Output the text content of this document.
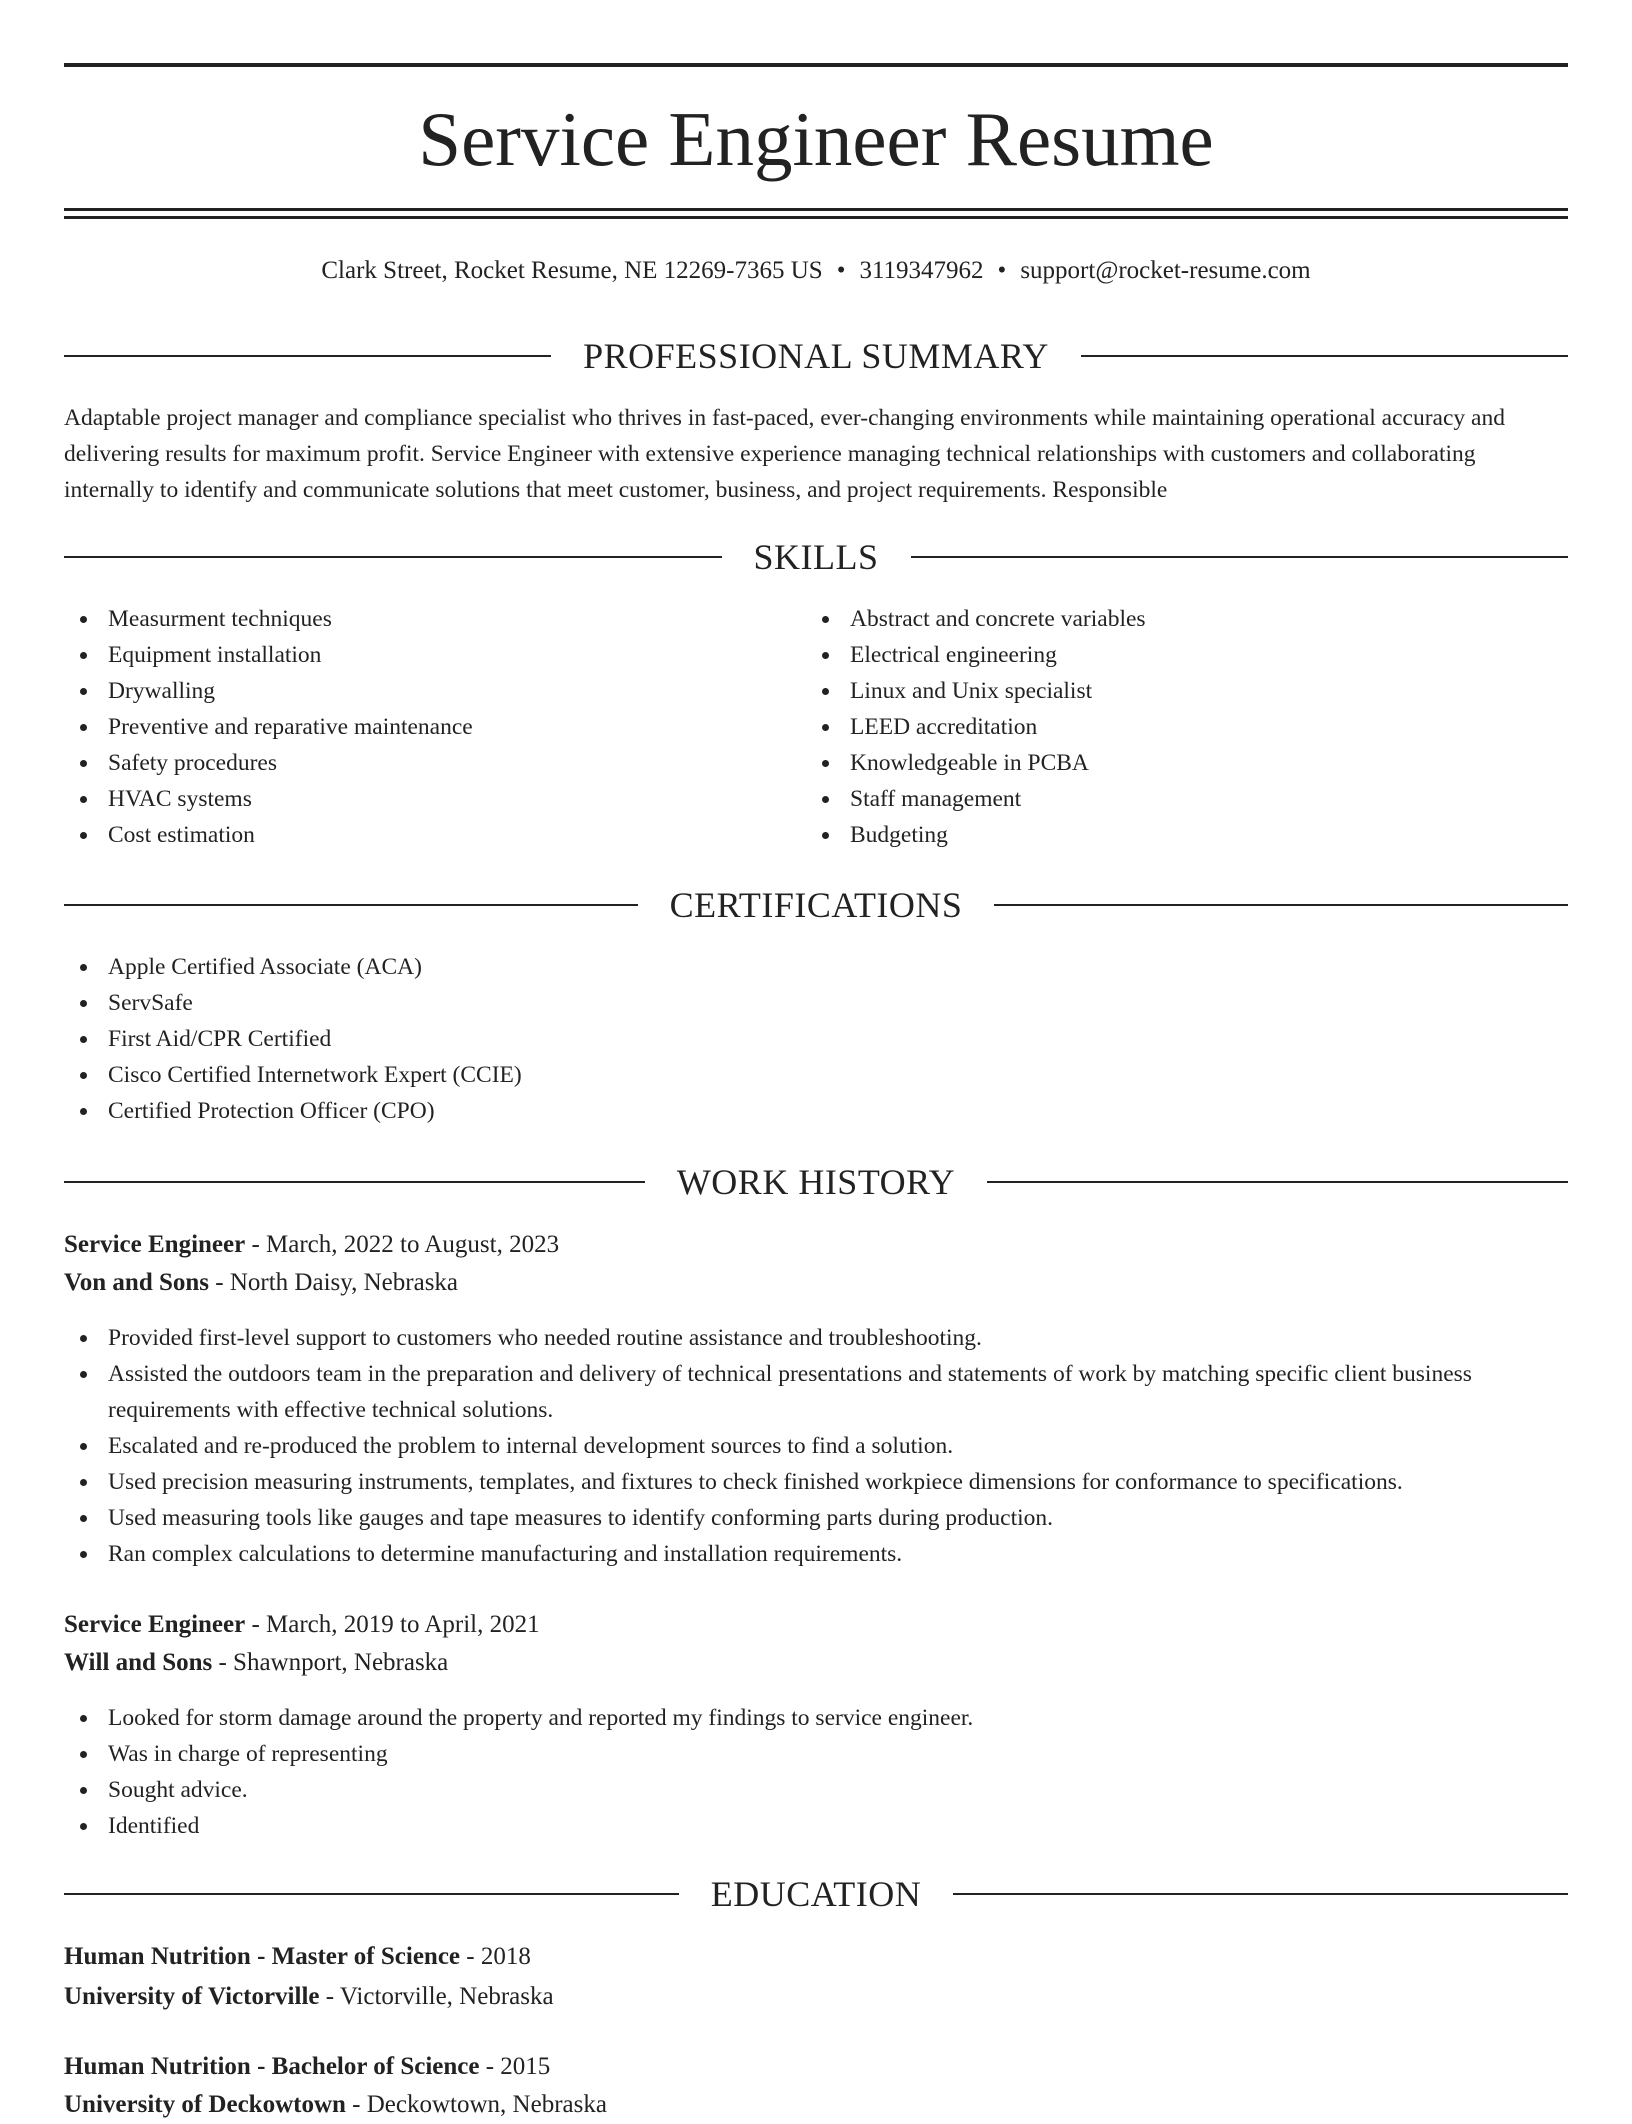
Service Engineer Resume
Clark Street, Rocket Resume, NE 12269-7365 US • 3119347962 • support@rocket-resume.com
PROFESSIONAL SUMMARY

Adaptable project manager and compliance specialist who thrives in fast-paced, ever-changing environments while maintaining operational accuracy and delivering results for maximum profit. Service Engineer with extensive experience managing technical relationships with customers and collaborating internally to identify and communicate solutions that meet customer, business, and project requirements. Responsible

SKILLS
Measurment techniques
Equipment installation
Drywalling
Preventive and reparative maintenance
Safety procedures
HVAC systems
Cost estimation
Abstract and concrete variables
Electrical engineering
Linux and Unix specialist
LEED accreditation
Knowledgeable in PCBA
Staff management
Budgeting
CERTIFICATIONS
Apple Certified Associate (ACA)
ServSafe
First Aid/CPR Certified
Cisco Certified Internetwork Expert (CCIE)
Certified Protection Officer (CPO)
WORK HISTORY
Service Engineer - March, 2022 to August, 2023
Von and Sons - North Daisy, Nebraska
Provided first-level support to customers who needed routine assistance and troubleshooting.
Assisted the outdoors team in the preparation and delivery of technical presentations and statements of work by matching specific client business requirements with effective technical solutions.
Escalated and re-produced the problem to internal development sources to find a solution.
Used precision measuring instruments, templates, and fixtures to check finished workpiece dimensions for conformance to specifications.
Used measuring tools like gauges and tape measures to identify conforming parts during production.
Ran complex calculations to determine manufacturing and installation requirements.
Service Engineer - March, 2019 to April, 2021
Will and Sons - Shawnport, Nebraska
Looked for storm damage around the property and reported my findings to service engineer.
Was in charge of representing
Sought advice.
Identified
EDUCATION
Human Nutrition - Master of Science - 2018
University of Victorville - Victorville, Nebraska
Human Nutrition - Bachelor of Science - 2015
University of Deckowtown - Deckowtown, Nebraska
